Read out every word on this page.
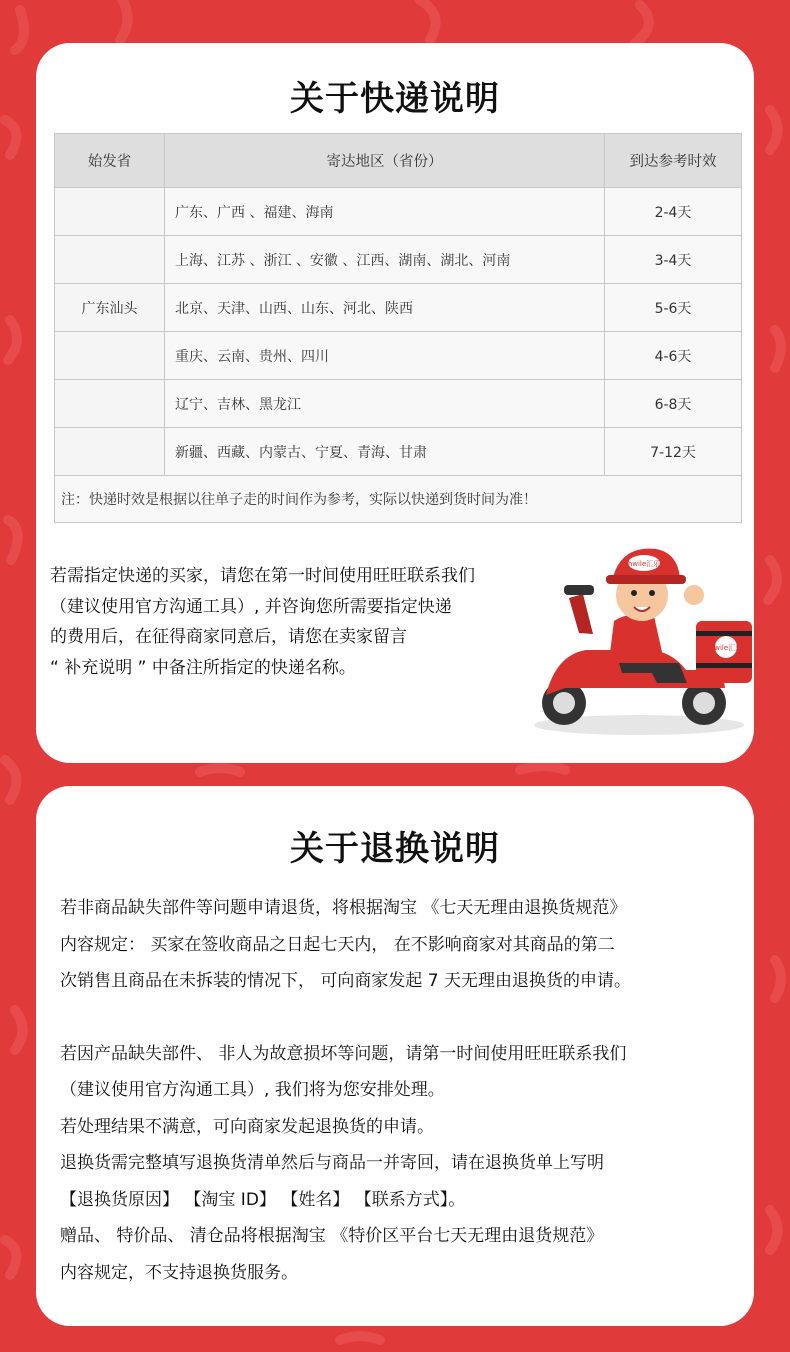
关于快递说明
始发省	寄达地区（省份）	到达参考时效
	广东、广西 、福建、海南	2-4天
	上海、江苏 、浙江 、安徽 、江西、湖南、湖北、河南	3-4天
广东汕头	北京、天津、山西、山东、河北、陕西	5-6天
	重庆、云南、贵州、四川	4-6天
	辽宁、吉林、黑龙江	6-8天
	新疆、西藏、内蒙古、宁夏、青海、甘肃	7-12天
注：快递时效是根据以往单子走的时间作为参考，实际以快递到货时间为准！		

若需指定快递的买家，请您在第一时间使用旺旺联系我们
（建议使用官方沟通工具）, 并咨询您所需要指定快递
的费用后，在征得商家同意后，请您在卖家留言
“ 补充说明 ” 中备注所指定的快递名称。

hwile汇乐
hwile汇乐
关于退换说明
若非商品缺失部件等问题申请退货，将根据淘宝 《七天无理由退换货规范》
内容规定： 买家在签收商品之日起七天内， 在不影响商家对其商品的第二
次销售且商品在未拆装的情况下， 可向商家发起 7 天无理由退换货的申请。
若因产品缺失部件、 非人为故意损坏等问题，请第一时间使用旺旺联系我们
（建议使用官方沟通工具）, 我们将为您安排处理。
若处理结果不满意，可向商家发起退换货的申请。
退换货需完整填写退换货清单然后与商品一并寄回，请在退换货单上写明
【退换货原因】 【淘宝 ID】 【姓名】 【联系方式】。
赠品、 特价品、 清仓品将根据淘宝 《特价区平台七天无理由退货规范》
内容规定，不支持退换货服务。
